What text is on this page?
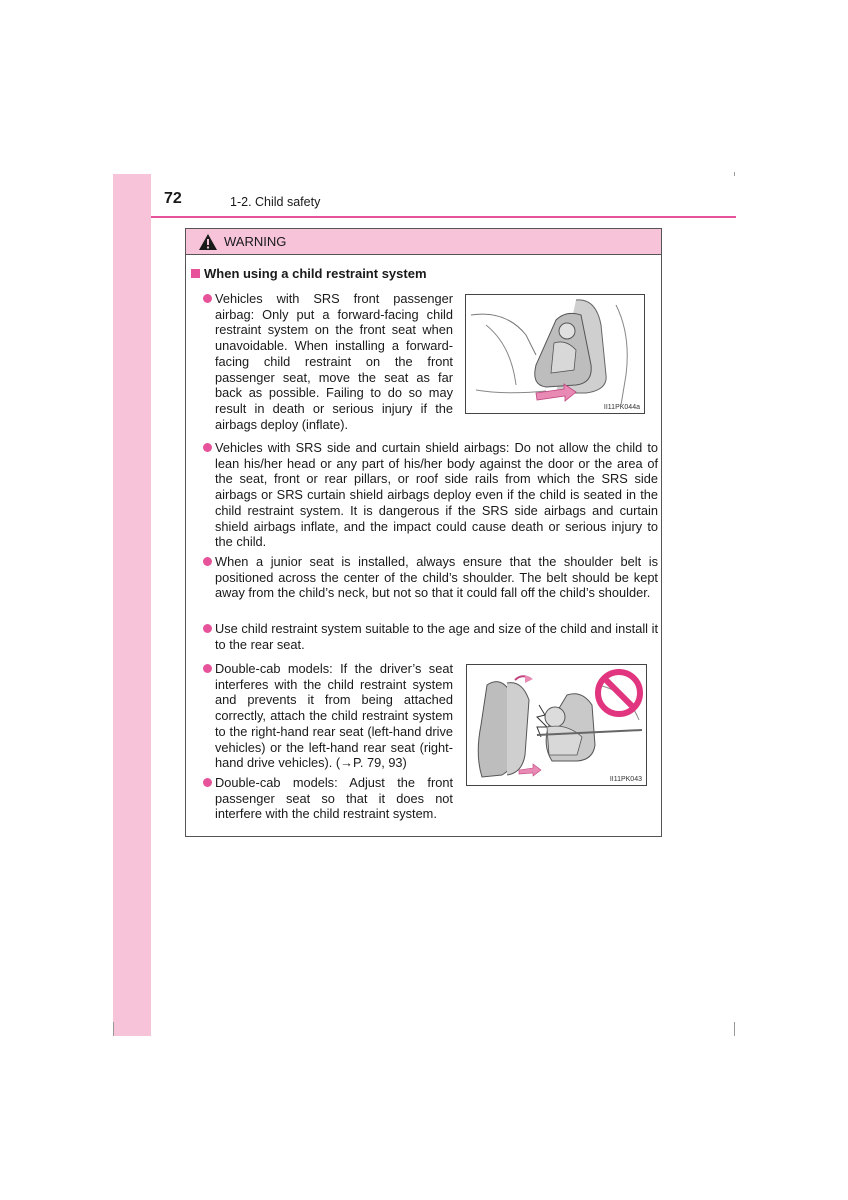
72	1-2. Child safety
WARNING
When using a child restraint system
Vehicles with SRS front passenger airbag: Only put a forward-facing child restraint system on the front seat when unavoidable. When installing a forward-facing child restraint on the front passenger seat, move the seat as far back as possible. Failing to do so may result in death or serious injury if the airbags deploy (inflate).
II11PK044a
Vehicles with SRS side and curtain shield airbags: Do not allow the child to lean his/her head or any part of his/her body against the door or the area of the seat, front or rear pillars, or roof side rails from which the SRS side airbags or SRS curtain shield airbags deploy even if the child is seated in the child restraint system. It is dangerous if the SRS side airbags and curtain shield airbags inflate, and the impact could cause death or serious injury to the child.
When a junior seat is installed, always ensure that the shoulder belt is positioned across the center of the child’s shoulder. The belt should be kept away from the child’s neck, but not so that it could fall off the child’s shoulder.
Use child restraint system suitable to the age and size of the child and install it to the rear seat.
Double-cab models: If the driver’s seat interferes with the child restraint system and prevents it from being attached correctly, attach the child restraint system to the right-hand rear seat (left-hand drive vehicles) or the left-hand rear seat (right-hand drive vehicles). (→P. 79, 93)
Double-cab models: Adjust the front passenger seat so that it does not interfere with the child restraint system.
II11PK043
